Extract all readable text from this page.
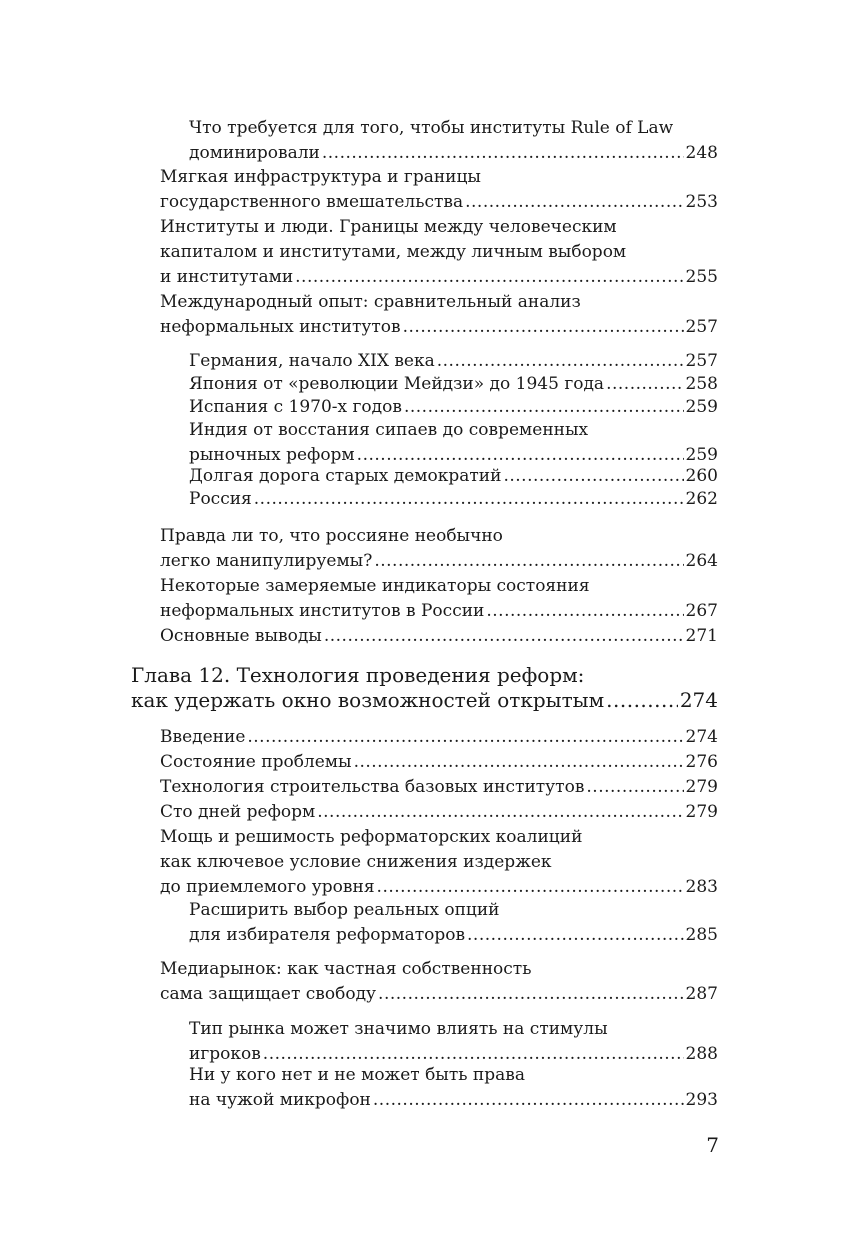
Что требуется для того, чтобы институты Rule of Law
доминировали .....	248
Мягкая инфраструктура и границы
государственного вмешательства .....	253
Институты и люди. Границы между человеческим
капиталом и институтами, между личным выбором
и институтами .....	255
Международный опыт: сравнительный анализ
неформальных институтов .....	257
Германия, начало XIX века .....	257
Япония от «революции Мейдзи» до 1945 года .....	258
Испания с 1970-х годов .....	259
Индия от восстания сипаев до современных
рыночных реформ .....	259
Долгая дорога старых демократий .....	260
Россия .....	262
Правда ли то, что россияне необычно
легко манипулируемы? .....	264
Некоторые замеряемые индикаторы состояния
неформальных институтов в России .....	267
Основные выводы .....	271
Глава 12. Технология проведения реформ:
как удержать окно возможностей открытым .....	274
Введение .....	274
Состояние проблемы .....	276
Технология строительства базовых институтов .....	279
Сто дней реформ .....	279
Мощь и решимость реформаторских коалиций
как ключевое условие снижения издержек
до приемлемого уровня .....	283
Расширить выбор реальных опций
для избирателя реформаторов .....	285
Медиарынок: как частная собственность
сама защищает свободу .....	287
Тип рынка может значимо влиять на стимулы
игроков .....	288
Ни у кого нет и не может быть права
на чужой микрофон .....	293
7
